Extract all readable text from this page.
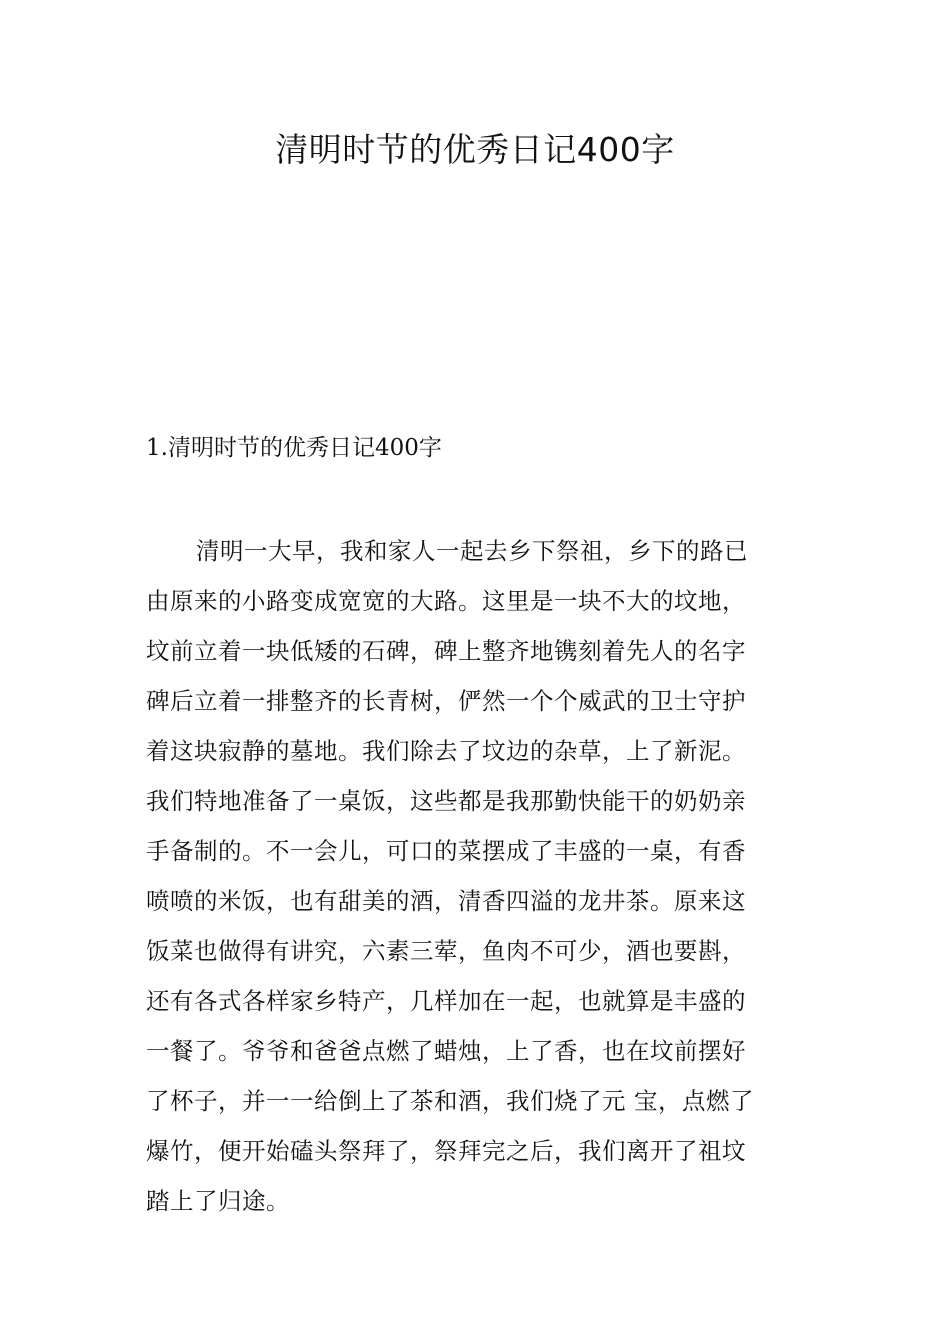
清明时节的优秀日记400字
1.清明时节的优秀日记400字
清明一大早，我和家人一起去乡下祭祖，乡下的路已
由原来的小路变成宽宽的大路。这里是一块不大的坟地，
坟前立着一块低矮的石碑，碑上整齐地镌刻着先人的名字
碑后立着一排整齐的长青树，俨然一个个威武的卫士守护
着这块寂静的墓地。我们除去了坟边的杂草，上了新泥。
我们特地准备了一桌饭，这些都是我那勤快能干的奶奶亲
手备制的。不一会儿，可口的菜摆成了丰盛的一桌，有香
喷喷的米饭，也有甜美的酒，清香四溢的龙井茶。原来这
饭菜也做得有讲究，六素三荤，鱼肉不可少，酒也要斟，
还有各式各样家乡特产，几样加在一起，也就算是丰盛的
一餐了。爷爷和爸爸点燃了蜡烛，上了香，也在坟前摆好
了杯子，并一一给倒上了茶和酒，我们烧了元 宝，点燃了
爆竹，便开始磕头祭拜了，祭拜完之后，我们离开了祖坟
踏上了归途。
